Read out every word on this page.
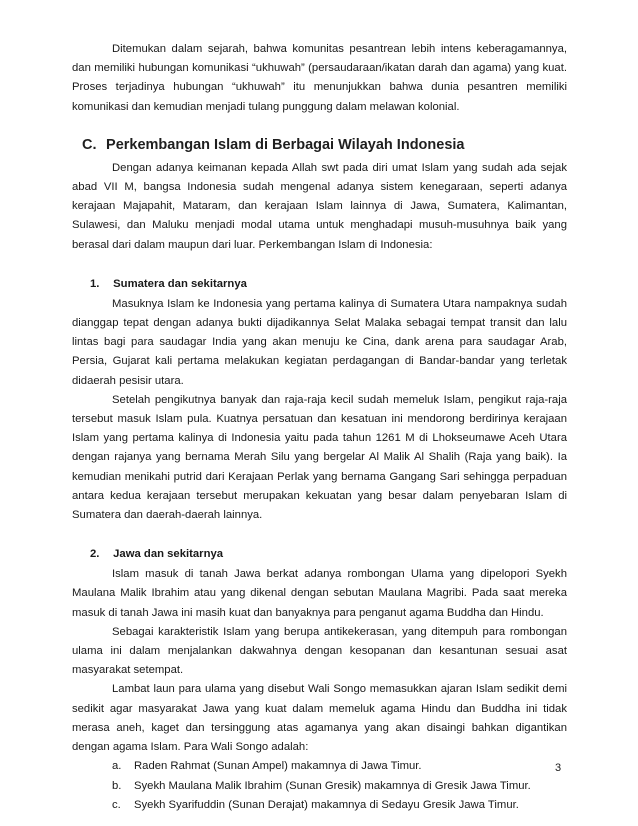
Ditemukan dalam sejarah, bahwa komunitas pesantrean lebih intens keberagamannya, dan memiliki hubungan komunikasi “ukhuwah” (persaudaraan/ikatan darah dan agama) yang kuat. Proses terjadinya hubungan “ukhuwah” itu menunjukkan bahwa dunia pesantren memiliki komunikasi dan kemudian menjadi tulang punggung dalam melawan kolonial.

C. Perkembangan Islam di Berbagai Wilayah Indonesia

Dengan adanya keimanan kepada Allah swt pada diri umat Islam yang sudah ada sejak abad VII M, bangsa Indonesia sudah mengenal adanya sistem kenegaraan, seperti adanya kerajaan Majapahit, Mataram, dan kerajaan Islam lainnya di Jawa, Sumatera, Kalimantan, Sulawesi, dan Maluku menjadi modal utama untuk menghadapi musuh-musuhnya baik yang berasal dari dalam maupun dari luar. Perkembangan Islam di Indonesia:

1. Sumatera dan sekitarnya

Masuknya Islam ke Indonesia yang pertama kalinya di Sumatera Utara nampaknya sudah dianggap tepat dengan adanya bukti dijadikannya Selat Malaka sebagai tempat transit dan lalu lintas bagi para saudagar India yang akan menuju ke Cina, dank arena para saudagar Arab, Persia, Gujarat kali pertama melakukan kegiatan perdagangan di Bandar-bandar yang terletak didaerah pesisir utara.

Setelah pengikutnya banyak dan raja-raja kecil sudah memeluk Islam, pengikut raja-raja tersebut masuk Islam pula. Kuatnya persatuan dan kesatuan ini mendorong berdirinya kerajaan Islam yang pertama kalinya di Indonesia yaitu pada tahun 1261 M di Lhokseumawe Aceh Utara dengan rajanya yang bernama Merah Silu yang bergelar Al Malik Al Shalih (Raja yang baik). Ia kemudian menikahi putrid dari Kerajaan Perlak yang bernama Gangang Sari sehingga perpaduan antara kedua kerajaan tersebut merupakan kekuatan yang besar dalam penyebaran Islam di Sumatera dan daerah-daerah lainnya.

2. Jawa dan sekitarnya

Islam masuk di tanah Jawa berkat adanya rombongan Ulama yang dipelopori Syekh Maulana Malik Ibrahim atau yang dikenal dengan sebutan Maulana Magribi. Pada saat mereka masuk di tanah Jawa ini masih kuat dan banyaknya para penganut agama Buddha dan Hindu.

Sebagai karakteristik Islam yang berupa antikekerasan, yang ditempuh para rombongan ulama ini dalam menjalankan dakwahnya dengan kesopanan dan kesantunan sesuai asat masyarakat setempat.

Lambat laun para ulama yang disebut Wali Songo memasukkan ajaran Islam sedikit demi sedikit agar masyarakat Jawa yang kuat dalam memeluk agama Hindu dan Buddha ini tidak merasa aneh, kaget dan tersinggung atas agamanya yang akan disaingi bahkan digantikan dengan agama Islam. Para Wali Songo adalah:

a.	Raden Rahmat (Sunan Ampel) makamnya di Jawa Timur.
b.	Syekh Maulana Malik Ibrahim (Sunan Gresik) makamnya di Gresik Jawa Timur.
c.	Syekh Syarifuddin (Sunan Derajat) makamnya di Sedayu Gresik Jawa Timur.
3
